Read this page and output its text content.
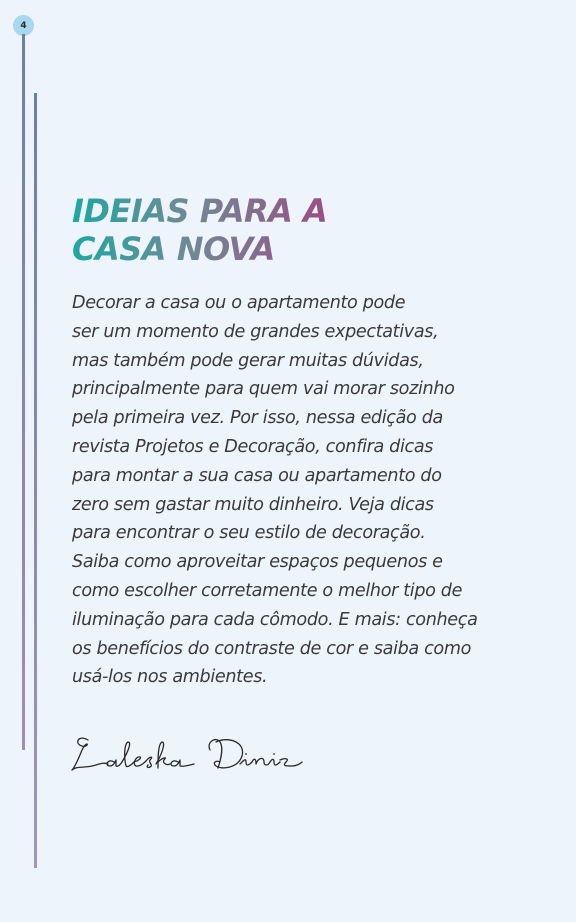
4
IDEIAS PARA A
CASA NOVA

Decorar a casa ou o apartamento pode
ser um momento de grandes expectativas,
mas também pode gerar muitas dúvidas,
principalmente para quem vai morar sozinho
pela primeira vez. Por isso, nessa edição da
revista Projetos e Decoração, confira dicas
para montar a sua casa ou apartamento do
zero sem gastar muito dinheiro. Veja dicas
para encontrar o seu estilo de decoração.
Saiba como aproveitar espaços pequenos e
como escolher corretamente o melhor tipo de
iluminação para cada cômodo. E mais: conheça
os benefícios do contraste de cor e saiba como
usá-los nos ambientes.
